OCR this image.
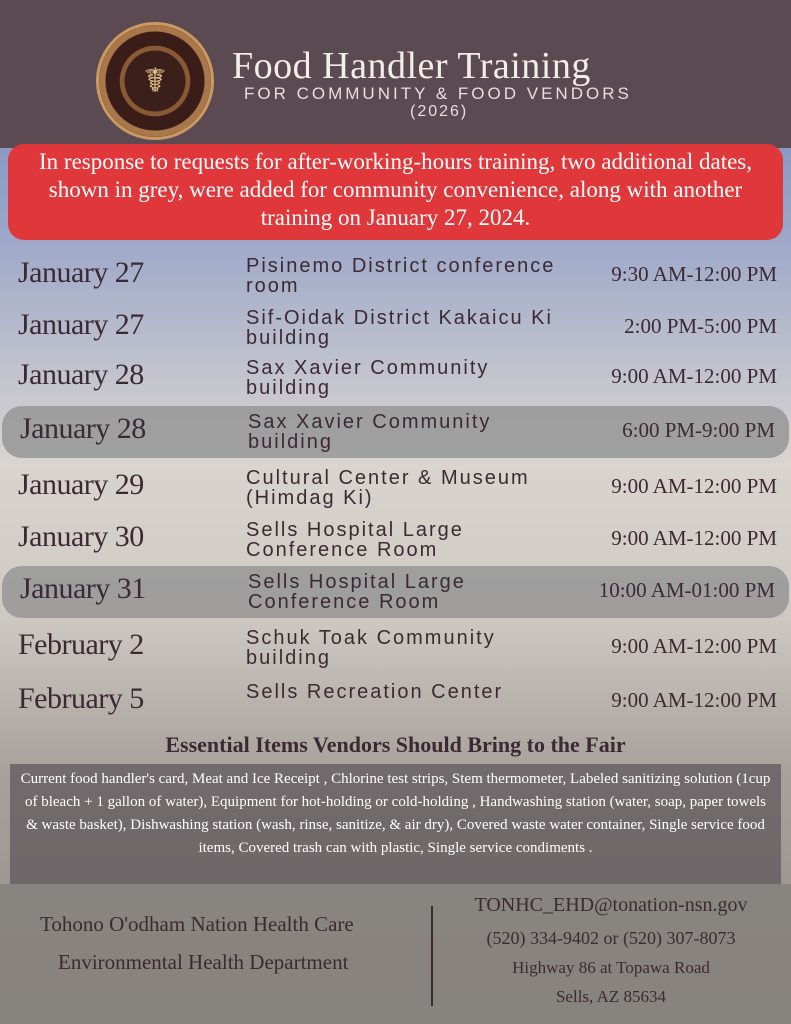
☤ Food Handler Training
FOR COMMUNITY & FOOD VENDORS
(2026)
In response to requests for after-working-hours training, two additional dates, shown in grey, were added for community convenience, along with another training on January 27, 2024.
January 27	Pisinemo District conference room	9:30 AM-12:00 PM
January 27	Sif-Oidak District Kakaicu Ki building	2:00 PM-5:00 PM
January 28	Sax Xavier Community building	9:00 AM-12:00 PM
January 28	Sax Xavier Community building	6:00 PM-9:00 PM
January 29	Cultural Center & Museum (Himdag Ki)	9:00 AM-12:00 PM
January 30	Sells Hospital Large Conference Room	9:00 AM-12:00 PM
January 31	Sells Hospital Large Conference Room	10:00 AM-01:00 PM
February 2	Schuk Toak Community building	9:00 AM-12:00 PM
February 5	Sells Recreation Center	9:00 AM-12:00 PM
Essential Items Vendors Should Bring to the Fair
Current food handler's card, Meat and Ice Receipt , Chlorine test strips, Stem thermometer, Labeled sanitizing solution (1cup of bleach + 1 gallon of water), Equipment for hot-holding or cold-holding , Handwashing station (water, soap, paper towels & waste basket), Dishwashing station (wash, rinse, sanitize, & air dry), Covered waste water container, Single service food items, Covered trash can with plastic, Single service condiments .
Tohono O'odham Nation Health Care
Environmental Health Department
TONHC_EHD@tonation-nsn.gov
(520) 334-9402 or (520) 307-8073
Highway 86 at Topawa Road
Sells, AZ 85634
